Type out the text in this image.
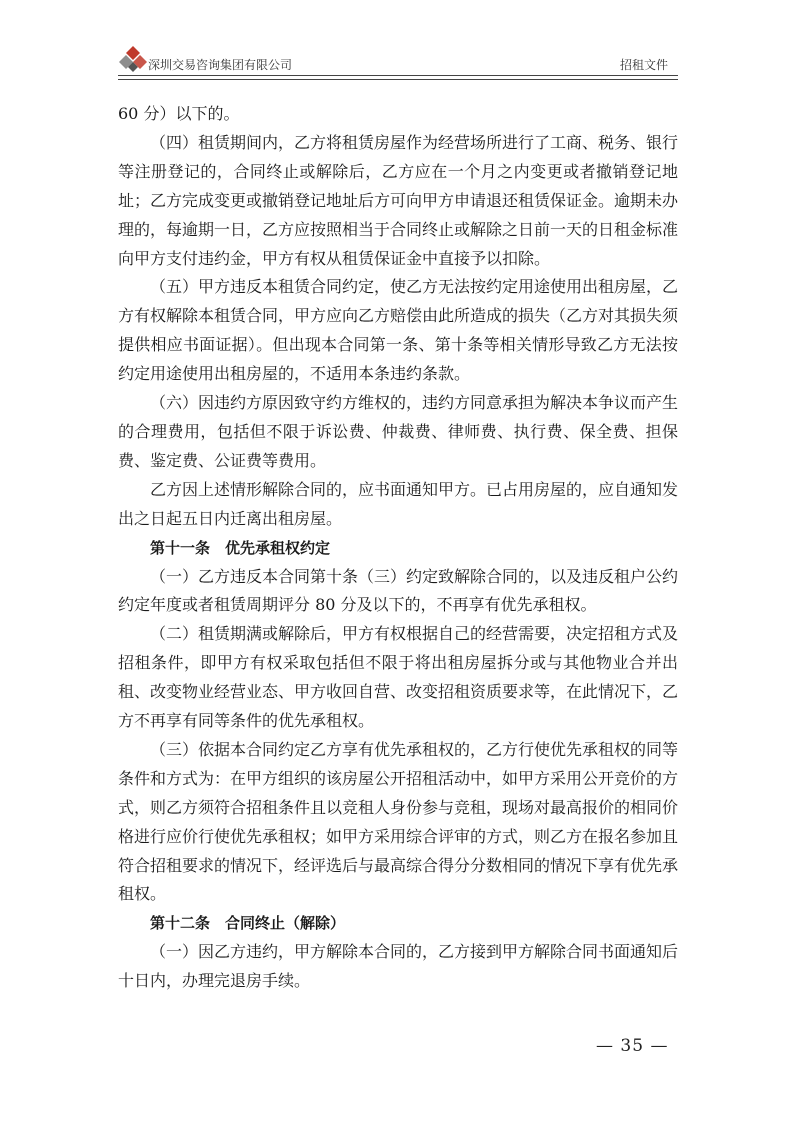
深圳交易咨询集团有限公司	招租文件

60 分）以下的。

（四）租赁期间内，乙方将租赁房屋作为经营场所进行了工商、税务、银行等注册登记的，合同终止或解除后，乙方应在一个月之内变更或者撤销登记地址；乙方完成变更或撤销登记地址后方可向甲方申请退还租赁保证金。逾期未办理的，每逾期一日，乙方应按照相当于合同终止或解除之日前一天的日租金标准向甲方支付违约金，甲方有权从租赁保证金中直接予以扣除。

（五）甲方违反本租赁合同约定，使乙方无法按约定用途使用出租房屋，乙方有权解除本租赁合同，甲方应向乙方赔偿由此所造成的损失（乙方对其损失须提供相应书面证据）。但出现本合同第一条、第十条等相关情形导致乙方无法按约定用途使用出租房屋的，不适用本条违约条款。

（六）因违约方原因致守约方维权的，违约方同意承担为解决本争议而产生的合理费用，包括但不限于诉讼费、仲裁费、律师费、执行费、保全费、担保费、鉴定费、公证费等费用。

乙方因上述情形解除合同的，应书面通知甲方。已占用房屋的，应自通知发出之日起五日内迁离出租房屋。

第十一条　优先承租权约定

（一）乙方违反本合同第十条（三）约定致解除合同的，以及违反租户公约约定年度或者租赁周期评分 80 分及以下的，不再享有优先承租权。

（二）租赁期满或解除后，甲方有权根据自己的经营需要，决定招租方式及招租条件，即甲方有权采取包括但不限于将出租房屋拆分或与其他物业合并出租、改变物业经营业态、甲方收回自营、改变招租资质要求等，在此情况下，乙方不再享有同等条件的优先承租权。

（三）依据本合同约定乙方享有优先承租权的，乙方行使优先承租权的同等条件和方式为：在甲方组织的该房屋公开招租活动中，如甲方采用公开竞价的方式，则乙方须符合招租条件且以竞租人身份参与竞租，现场对最高报价的相同价格进行应价行使优先承租权；如甲方采用综合评审的方式，则乙方在报名参加且符合招租要求的情况下，经评选后与最高综合得分分数相同的情况下享有优先承租权。

第十二条　合同终止（解除）

（一）因乙方违约，甲方解除本合同的，乙方接到甲方解除合同书面通知后十日内，办理完退房手续。

— 35 —
